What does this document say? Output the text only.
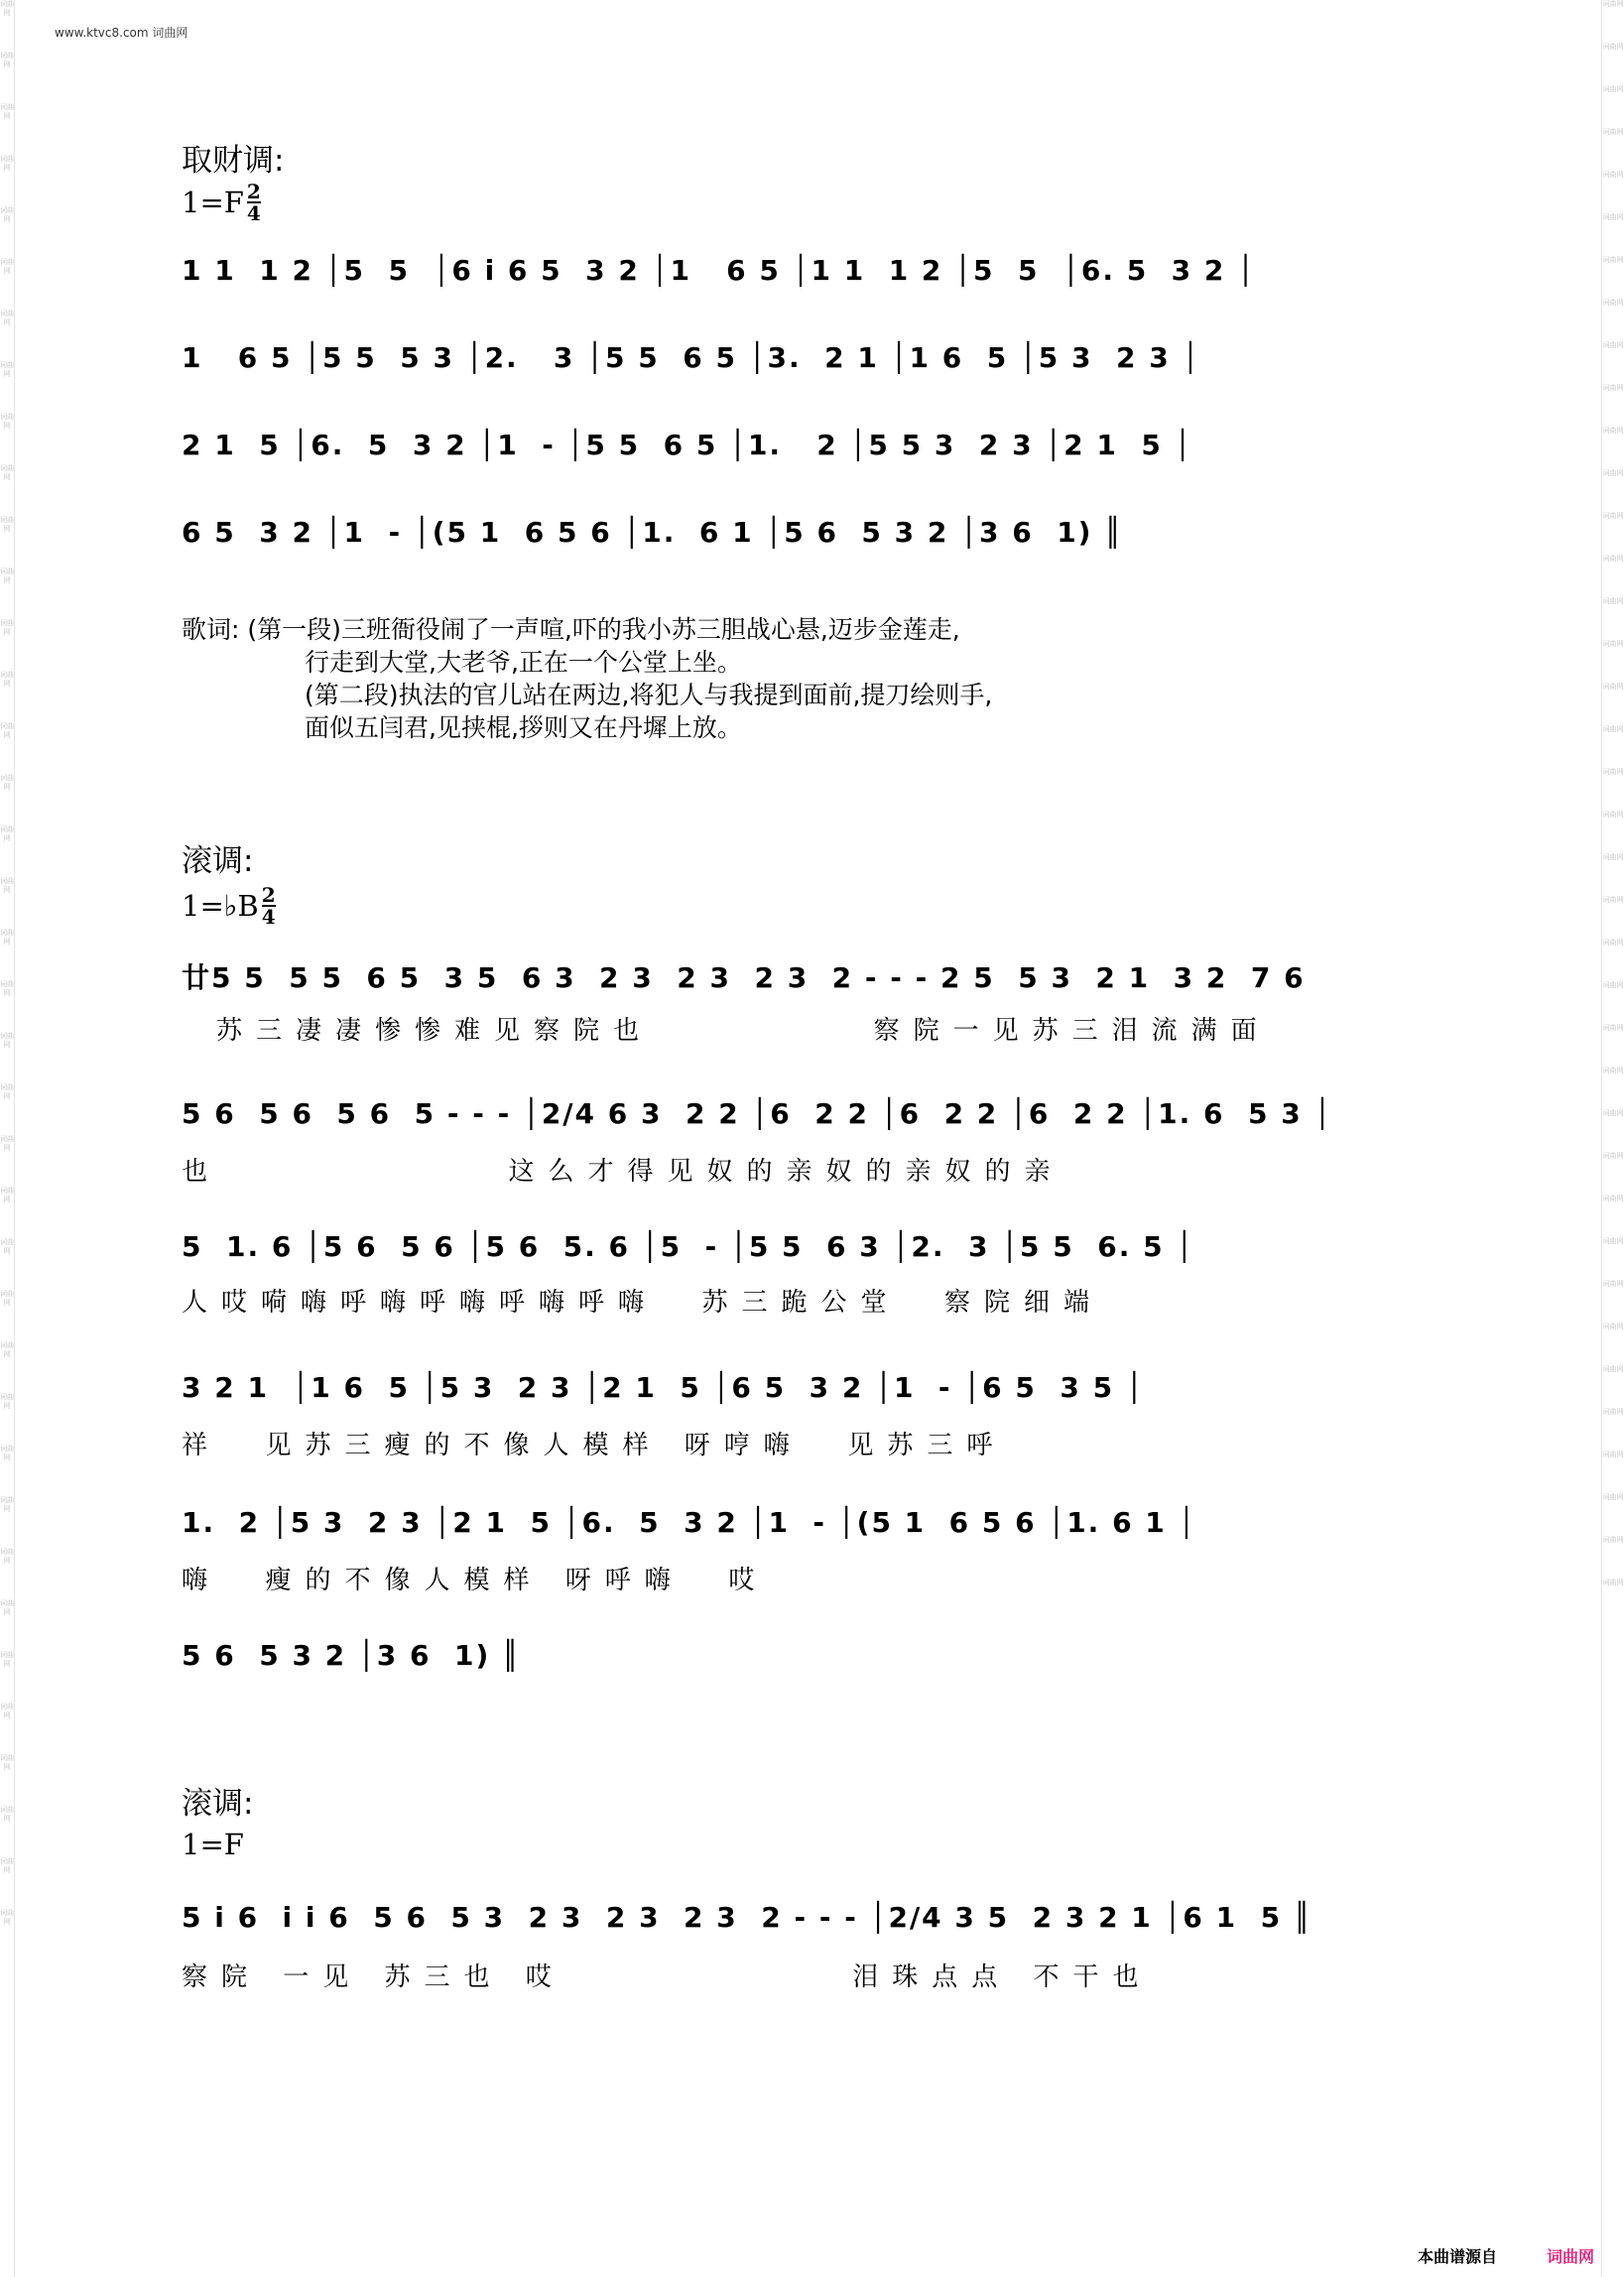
词曲网
词曲网
词曲网
词曲网
词曲网
词曲网
词曲网
词曲网
词曲网
词曲网
词曲网
词曲网
词曲网
词曲网
词曲网
词曲网
词曲网
词曲网
词曲网
词曲网
词曲网
词曲网
词曲网
词曲网
词曲网
词曲网
词曲网
词曲网
词曲网
词曲网
词曲网
词曲网
词曲网
词曲网
词曲网
词曲网
词曲网
词曲网
词曲网
词曲网
词曲网
词曲网
词曲网
词曲网
词曲网
词曲网
词曲网
词曲网
词曲网
词曲网
词曲网
词曲网
词曲网
词曲网
词曲网
词曲网
词曲网
词曲网
词曲网
词曲网
词曲网
词曲网
词曲网
词曲网
词曲网
词曲网
词曲网
词曲网
词曲网
词曲网
词曲网
词曲网
词曲网
词曲网
词曲网
词曲网
www.ktvc8.com 词曲网
取财调:
$1=F \frac{2}{4}$
1 1  1 2 │5  5  │6 i 6 5  3 2 │1   6 5 │1 1  1 2 │5  5  │6. 5  3 2 │
1   6 5 │5 5  5 3 │2.   3 │5 5  6 5 │3.  2 1 │1 6  5 │5 3  2 3 │
2 1  5 │6.  5  3 2 │1  - │5 5  6 5 │1.   2 │5 5 3  2 3 │2 1  5 │
6 5  3 2 │1  - │(5 1  6 5 6 │1.  6 1 │5 6  5 3 2 │3 6  1) ║
歌词: (第一段)三班衙役闹了一声喧,吓的我小苏三胆战心悬,迈步金莲走,
行走到大堂,大老爷,正在一个公堂上坐。
(第二段)执法的官儿站在两边,将犯人与我提到面前,提刀绘则手,
面似五闫君,见挟棍,拶则又在丹墀上放。
滚调:
1=♭B $\frac{2}{4}$
廿5 5  5 5  6 5  3 5  6 3  2 3  2 3  2 3  2 - - - 2 5  5 3  2 1  3 2  7 6
苏三凄凄惨惨难见察院也          察院一见苏三泪流满面
5 6  5 6  5 6  5 - - - │2/4 6 3  2 2 │6  2 2 │6  2 2 │6  2 2 │1. 6  5 3 │
也             这么才得见奴的亲奴的亲奴的亲
5  1. 6 │5 6  5 6 │5 6  5. 6 │5  - │5 5  6 3 │2.  3 │5 5  6. 5 │
人哎嗬嗨呼嗨呼嗨呼嗨呼嗨  苏三跪公堂  察院细端
3 2 1  │1 6  5 │5 3  2 3 │2 1  5 │6 5  3 2 │1  - │6 5  3 5 │
祥  见苏三瘦的不像人模样 呀哼嗨  见苏三呼
1.  2 │5 3  2 3 │2 1  5 │6.  5  3 2 │1  - │(5 1  6 5 6 │1. 6 1 │
嗨  瘦的不像人模样 呀呼嗨  哎
5 6  5 3 2 │3 6  1) ║
滚调:
1=F
5 i 6  i i 6  5 6  5 3  2 3  2 3  2 3  2 - - - │2/4 3 5  2 3 2 1 │6 1  5 ║
察院 一见 苏三也 哎             泪珠点点 不干也
本曲谱源自	词曲网
